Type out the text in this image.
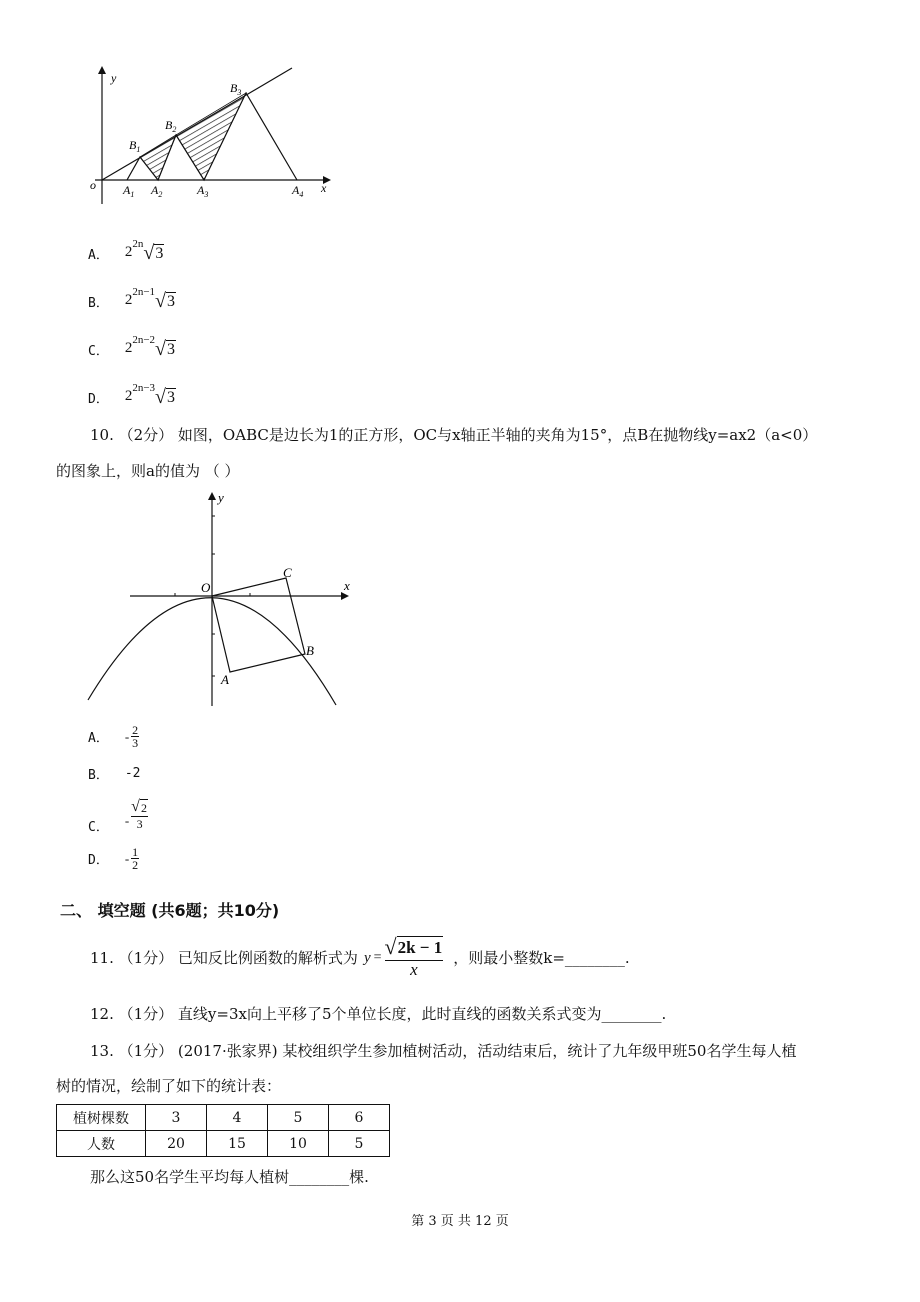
y
x
o
$B_1$
$B_2$
$B_3$
$A_1$ $A_2$	$A_3$	$A_4$
A． 2 2n √ 3
B． 2 2n−1 √ 3
C． 2 2n−2 √ 3
D． 2 2n−3 √ 3
10. （2分） 如图，OABC是边长为1的正方形，OC与x轴正半轴的夹角为15°，点B在抛物线y=ax2（a<0）
的图象上，则a的值为 （ ）
y
x
O
C
B
A
A． - $\frac{2}{3}$
B． -2
C． -
√ 2
3
D． - $\frac{1}{2}$
二、 填空题 (共6题；共10分)
11. （1分） 已知反比例函数的解析式为 $y = \frac{√ 2k - 1}{x}$ ，则最小整数k=________.
12. （1分） 直线y=3x向上平移了5个单位长度，此时直线的函数关系式变为________.
13. （1分） (2017·张家界) 某校组织学生参加植树活动，活动结束后，统计了九年级甲班50名学生每人植
树的情况，绘制了如下的统计表：
植树棵数	3	4	5	6
人数	20	15	10	5
那么这50名学生平均每人植树________棵.
第 3 页 共 12 页
